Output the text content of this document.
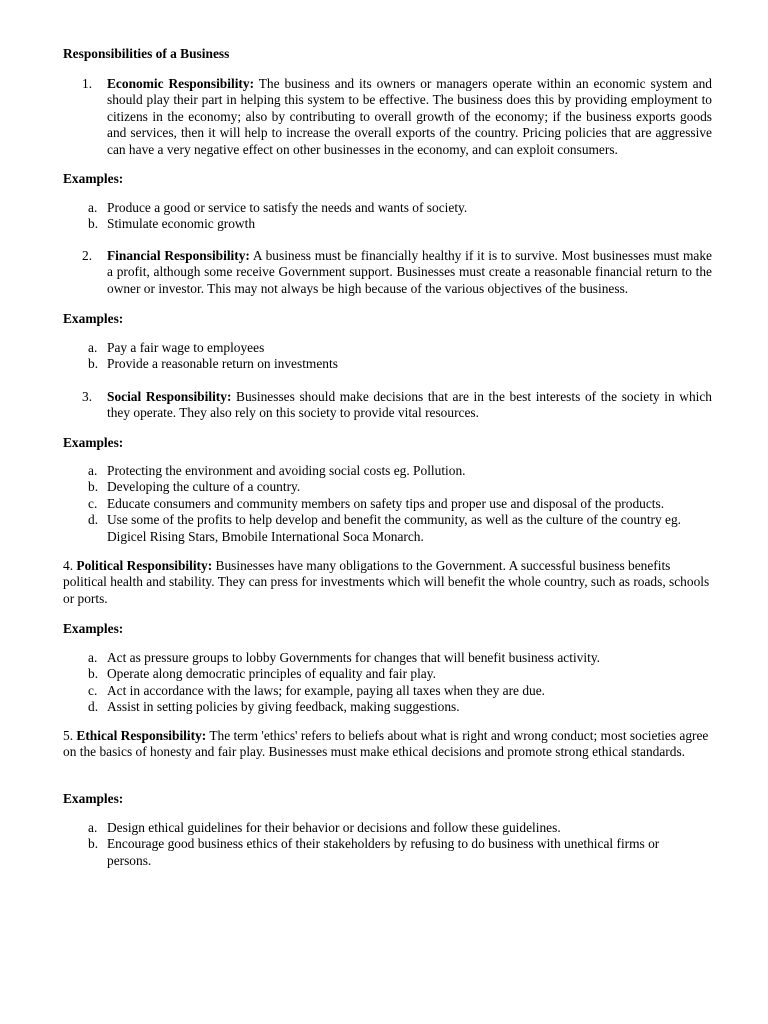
Responsibilities of a Business
1. Economic Responsibility: The business and its owners or managers operate within an economic system and should play their part in helping this system to be effective. The business does this by providing employment to citizens in the economy; also by contributing to overall growth of the economy; if the business exports goods and services, then it will help to increase the overall exports of the country. Pricing policies that are aggressive can have a very negative effect on other businesses in the economy, and can exploit consumers.
Examples:
a. Produce a good or service to satisfy the needs and wants of society.
b. Stimulate economic growth
2. Financial Responsibility: A business must be financially healthy if it is to survive. Most businesses must make a profit, although some receive Government support. Businesses must create a reasonable financial return to the owner or investor. This may not always be high because of the various objectives of the business.
Examples:
a. Pay a fair wage to employees
b. Provide a reasonable return on investments
3. Social Responsibility: Businesses should make decisions that are in the best interests of the society in which they operate. They also rely on this society to provide vital resources.
Examples:
a. Protecting the environment and avoiding social costs eg. Pollution.
b. Developing the culture of a country.
c. Educate consumers and community members on safety tips and proper use and disposal of the products.
d. Use some of the profits to help develop and benefit the community, as well as the culture of the country eg. Digicel Rising Stars, Bmobile International Soca Monarch.
4. Political Responsibility: Businesses have many obligations to the Government. A successful business benefits political health and stability. They can press for investments which will benefit the whole country, such as roads, schools or ports.
Examples:
a. Act as pressure groups to lobby Governments for changes that will benefit business activity.
b. Operate along democratic principles of equality and fair play.
c. Act in accordance with the laws; for example, paying all taxes when they are due.
d. Assist in setting policies by giving feedback, making suggestions.
5. Ethical Responsibility: The term 'ethics' refers to beliefs about what is right and wrong conduct; most societies agree on the basics of honesty and fair play. Businesses must make ethical decisions and promote strong ethical standards.
Examples:
a. Design ethical guidelines for their behavior or decisions and follow these guidelines.
b. Encourage good business ethics of their stakeholders by refusing to do business with unethical firms or persons.
